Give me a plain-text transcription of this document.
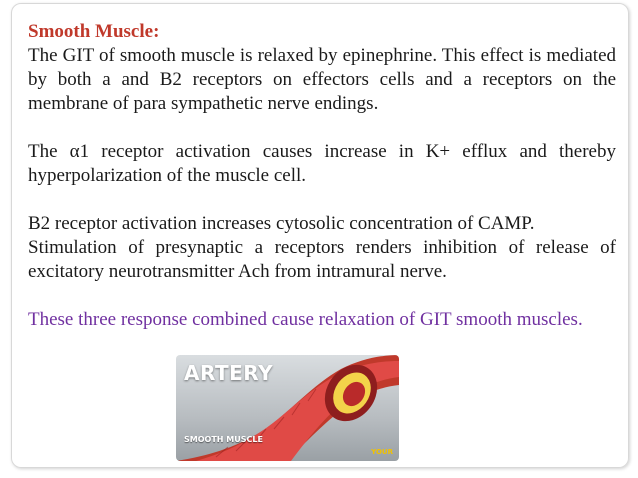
Smooth Muscle:

The GIT of smooth muscle is relaxed by epinephrine. This effect is mediated by both a and B2 receptors on effectors cells and a receptors on the membrane of para sympathetic nerve endings.

The α1 receptor activation causes increase in K+ efflux and thereby hyperpolarization of the muscle cell.

B2 receptor activation increases cytosolic concentration of CAMP.

Stimulation of presynaptic a receptors renders inhibition of release of excitatory neurotransmitter Ach from intramural nerve.

These three response combined cause relaxation of GIT smooth muscles.

ARTERY
SMOOTH MUSCLE
YOUR
